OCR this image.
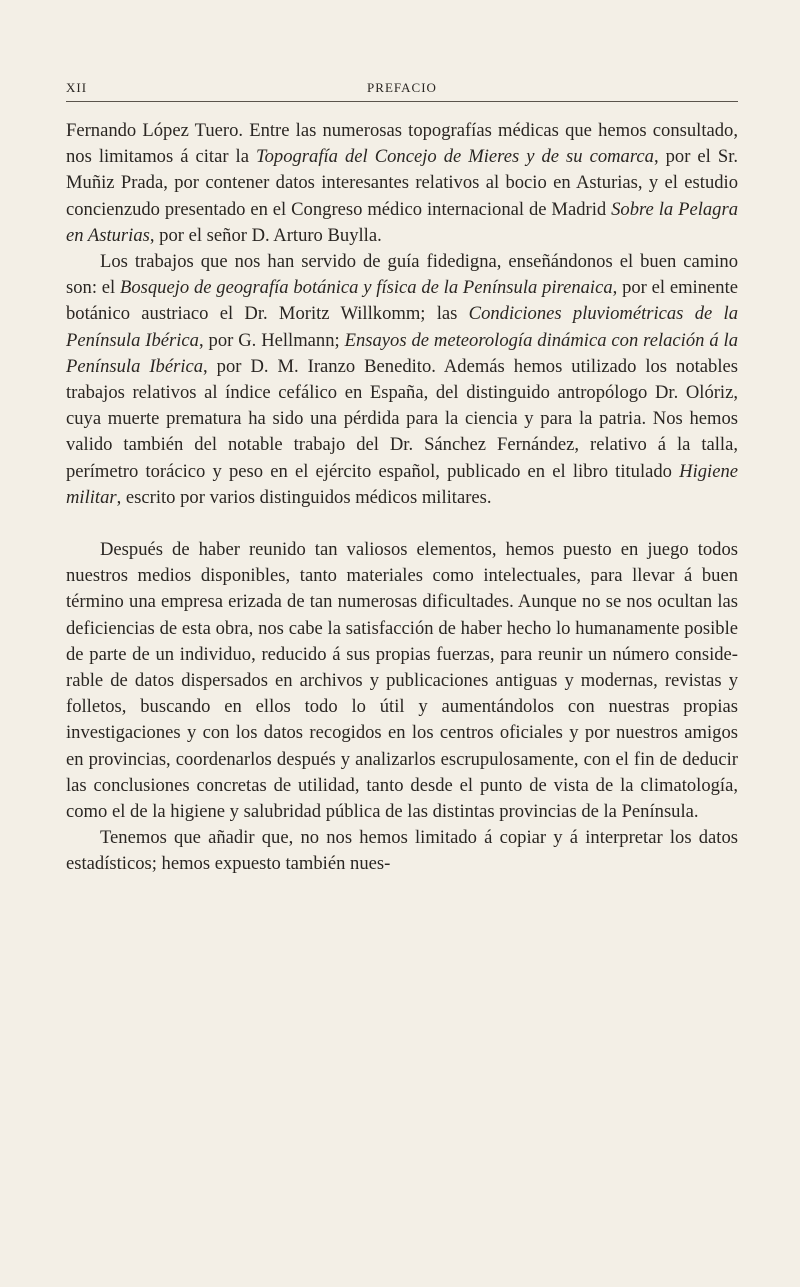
XII	PREFACIO

Fernando López Tuero. Entre las numerosas topografías médicas que hemos consultado, nos limitamos á citar la Topografía del Concejo de Mieres y de su comarca, por el Sr. Muñiz Prada, por contener datos interesantes relativos al bocio en Asturias, y el estudio concienzudo presentado en el Congreso médico internacional de Madrid Sobre la Pelagra en Asturias, por el señor D. Arturo Buylla.

Los trabajos que nos han servido de guía fidedigna, enseñándonos el buen camino son: el Bosquejo de geografía botánica y física de la Península pirenaica, por el eminente botánico austriaco el Dr. Moritz Willkomm; las Condiciones pluviométricas de la Península Ibérica, por G. Hellmann; Ensayos de meteorología dinámica con relación á la Península Ibérica, por D. M. Iranzo Benedito. Además hemos utilizado los notables trabajos relativos al índice cefálico en España, del distinguido antropólogo Dr. Olóriz, cuya muerte prematura ha sido una pérdida para la ciencia y para la patria. Nos hemos valido también del notable trabajo del Dr. Sánchez Fernández, relativo á la talla, perímetro torácico y peso en el ejército español, publicado en el libro titulado Higiene militar, escrito por varios distinguidos médicos militares.

Después de haber reunido tan valiosos elementos, hemos puesto en juego todos nuestros medios disponibles, tanto materiales como intelectuales, para llevar á buen término una empresa erizada de tan numerosas dificultades. Aunque no se nos ocultan las deficiencias de esta obra, nos cabe la satisfacción de haber hecho lo humanamente posible de parte de un individuo, reducido á sus propias fuerzas, para reunir un número considerable de datos dispersados en archivos y publicaciones antiguas y modernas, revistas y folletos, buscando en ellos todo lo útil y aumentándolos con nuestras propias investigaciones y con los datos recogidos en los centros oficiales y por nuestros amigos en provincias, coordenarlos después y analizarlos escrupulosamente, con el fin de deducir las conclusiones concretas de utilidad, tanto desde el punto de vista de la climatología, como el de la higiene y salubridad pública de las distintas provincias de la Península.

Tenemos que añadir que, no nos hemos limitado á copiar y á interpretar los datos estadísticos; hemos expuesto también nues-
